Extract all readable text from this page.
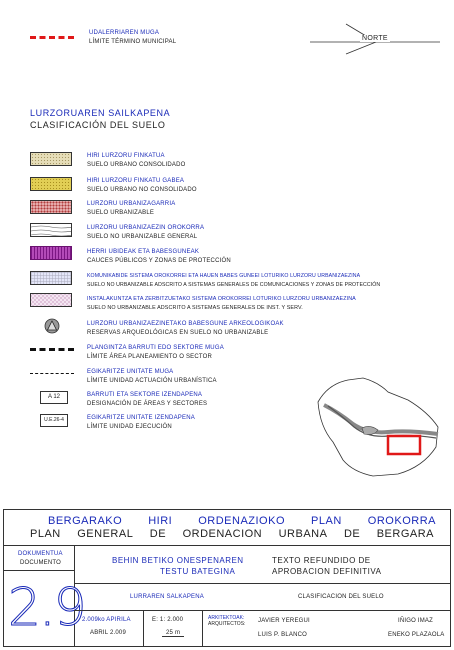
UDALERRIAREN MUGA
LÍMITE TÉRMINO MUNICIPAL	NORTE
LURZORUAREN SAILKAPENA
CLASIFICACIÓN DEL SUELO
A 12
U.E.26-4
HIRI LURZORU FINKATUA
SUELO URBANO CONSOLIDADO
HIRI LURZORU FINKATU GABEA
SUELO URBANO NO CONSOLIDADO
LURZORU URBANIZAGARRIA
SUELO URBANIZABLE
LURZORU URBANIZAEZIN OROKORRA
SUELO NO URBANIZABLE GENERAL
HERRI UBIDEAK ETA BABESGUNEAK
CAUCES PÚBLICOS Y ZONAS DE PROTECCIÓN
KOMUNIKABIDE SISTEMA OROKORREI ETA HAUEN BABES GUNEEI LOTURIKO LURZORU URBANIZAEZINA
SUELO NO URBANIZABLE ADSCRITO A SISTEMAS GENERALES DE COMUNICACIONES Y ZONAS DE PROTECCIÓN
INSTALAKUNTZA ETA ZERBITZUETAKO SISTEMA OROKORREI LOTURIKO LURZORU URBANIZAEZINA
SUELO NO URBANIZABLE ADSCRITO A SISTEMAS GENERALES DE INST. Y SERV.
LURZORU URBANIZAEZINETAKO BABESGUNE ARKEOLOGIKOAK
RESERVAS ARQUEOLÓGICAS EN SUELO NO URBANIZABLE
PLANGINTZA BARRUTI EDO SEKTORE MUGA
LÍMITE ÁREA PLANEAMIENTO O SECTOR
EGIKARITZE UNITATE MUGA
LÍMITE UNIDAD ACTUACIÓN URBANÍSTICA
BARRUTI ETA SEKTORE IZENDAPENA
DESIGNACIÓN DE ÁREAS Y SECTORES
EGIKARITZE UNITATE IZENDAPENA
LÍMITE UNIDAD EJECUCIÓN
BERGARAKO HIRI ORDENAZIOKO PLAN OROKORRA
PLAN GENERAL DE ORDENACION URBANA DE BERGARA
DOKUMENTUA
DOCUMENTO
2.9
BEHIN BETIKO ONESPENAREN
TESTU BATEGINA
TEXTO REFUNDIDO DE
APROBACION DEFINITIVA
LURRAREN SALKAPENA	CLASIFICACION DEL SUELO
2.009ko APIRILA
ABRIL 2.009
E: 1: 2.000
25 m
ARKITEKTOAK:
ARQUITECTOS: JAVIER YEREGUI	IÑIGO IMAZ
LUIS P. BLANCO	ENEKO PLAZAOLA
